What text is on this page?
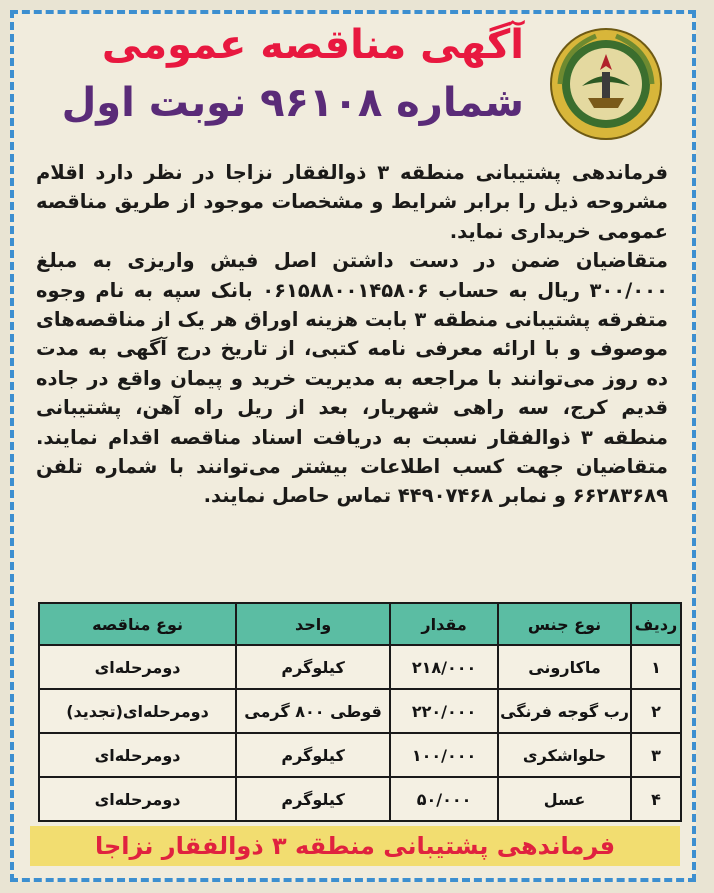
آگهی مناقصه عمومی
شماره ۹۶۱۰۸ نوبت اول

فرماندهی پشتیبانی منطقه ۳ ذوالفقار نزاجا در نظر دارد اقلام مشروحه ذیل را برابر شرایط و مشخصات موجود از طریق مناقصه عمومی خریداری نماید.

متقاضیان ضمن در دست داشتن اصل فیش واریزی به مبلغ ۳۰۰/۰۰۰ ریال به حساب ۰۶۱۵۸۸۰۰۱۴۵۸۰۶ بانک سپه به نام وجوه متفرقه پشتیبانی منطقه ۳ بابت هزینه اوراق هر یک از مناقصه‌های موصوف و با ارائه معرفی نامه کتبی، از تاریخ درج آگهی به مدت ده روز می‌توانند با مراجعه به مدیریت خرید و پیمان واقع در جاده قدیم کرج، سه راهی شهریار، بعد از ریل راه آهن، پشتیبانی منطقه ۳ ذوالفقار نسبت به دریافت اسناد مناقصه اقدام نمایند. متقاضیان جهت کسب اطلاعات بیشتر می‌توانند با شماره تلفن ۶۶۲۸۳۶۸۹ و نمابر ۴۴۹۰۷۴۶۸ تماس حاصل نمایند.

ردیف	نوع جنس	مقدار	واحد	نوع مناقصه
۱	ماکارونی	۲۱۸/۰۰۰	کیلوگرم	دومرحله‌ای
۲	رب گوجه فرنگی	۲۲۰/۰۰۰	قوطی ۸۰۰ گرمی	دومرحله‌ای(تجدید)
۳	حلواشکری	۱۰۰/۰۰۰	کیلوگرم	دومرحله‌ای
۴	عسل	۵۰/۰۰۰	کیلوگرم	دومرحله‌ای
فرماندهی پشتیبانی منطقه ۳ ذوالفقار نزاجا
